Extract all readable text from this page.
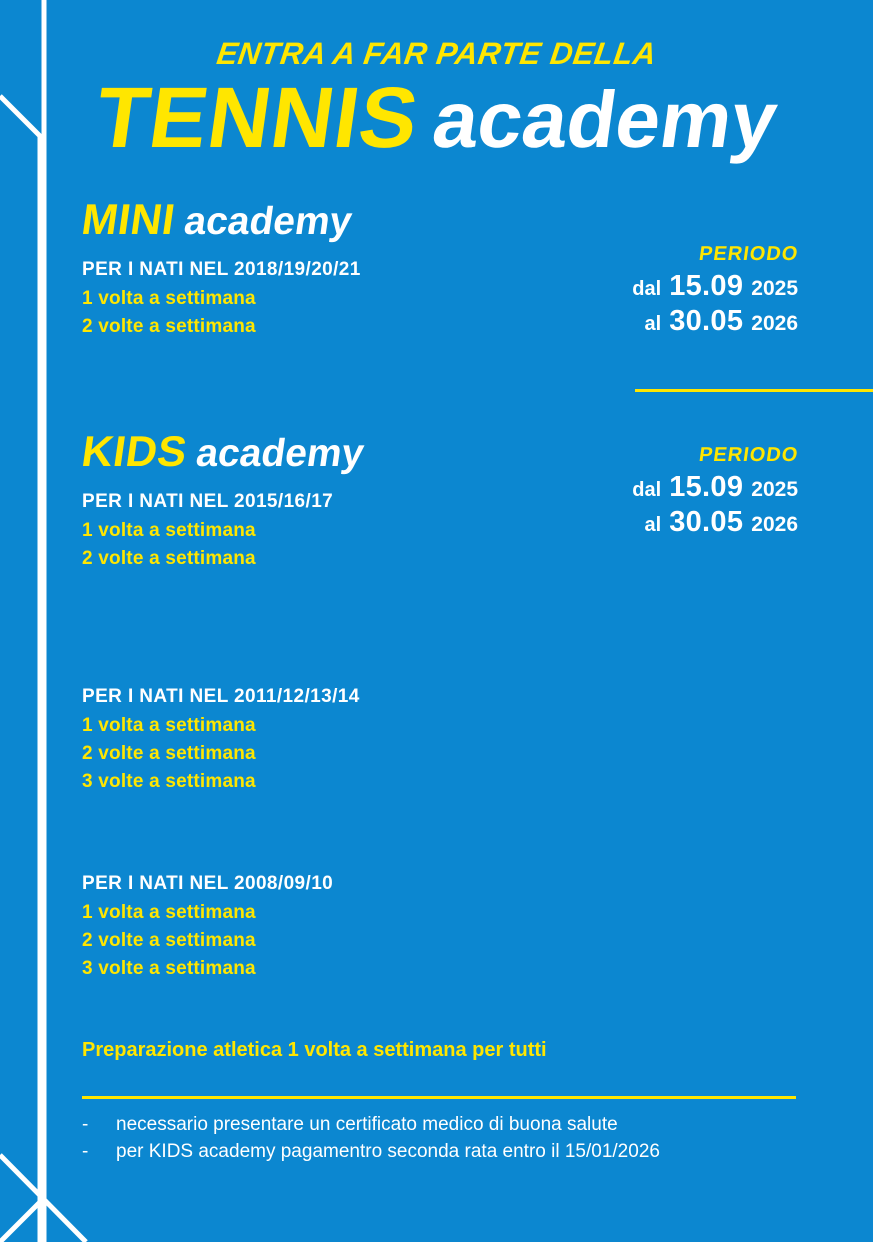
ENTRA A FAR PARTE DELLA
TENNIS academy
MINI academy
PER I NATI NEL 2018/19/20/21
1 volta a settimana
2 volte a settimana
PERIODO
dal 15.09 2025
al 30.05 2026
KIDS academy
PER I NATI NEL 2015/16/17
1 volta a settimana
2 volte a settimana
PERIODO
dal 15.09 2025
al 30.05 2026
PER I NATI NEL 2011/12/13/14
1 volta a settimana
2 volte a settimana
3 volte a settimana
PER I NATI NEL 2008/09/10
1 volta a settimana
2 volte a settimana
3 volte a settimana
Preparazione atletica 1 volta a settimana per tutti
- necessario presentare un certificato medico di buona salute
- per KIDS academy pagamentro seconda rata entro il 15/01/2026
